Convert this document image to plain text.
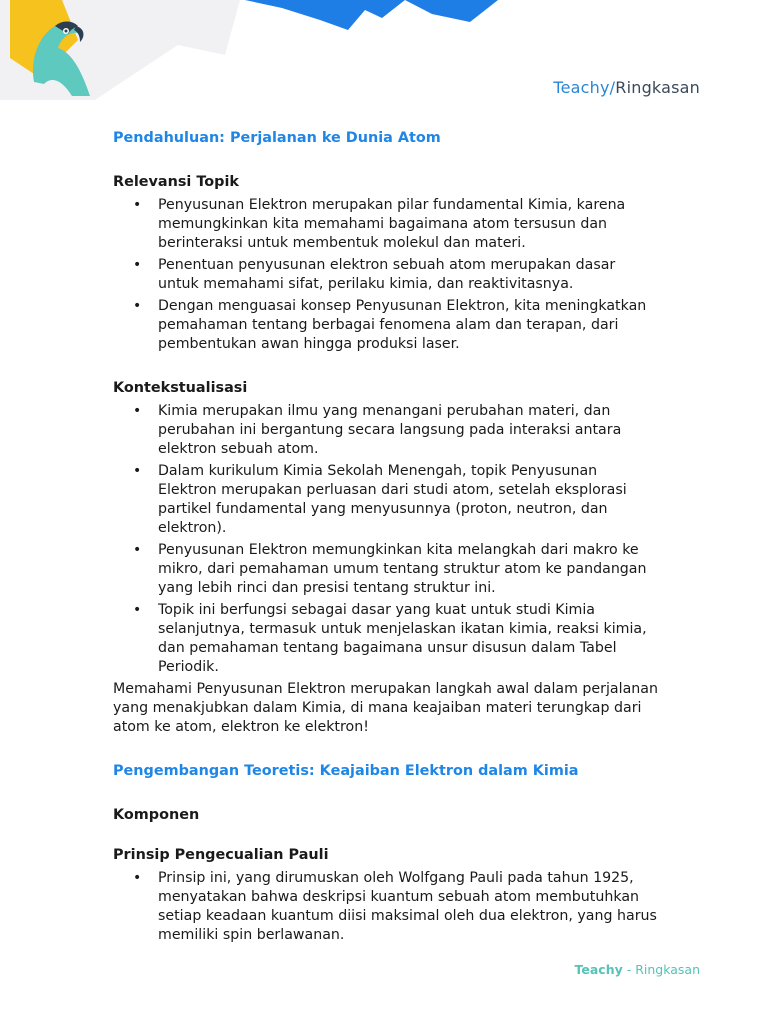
Teachy/Ringkasan
Pendahuluan: Perjalanan ke Dunia Atom
Relevansi Topik
• Penyusunan Elektron merupakan pilar fundamental Kimia, karena memungkinkan kita memahami bagaimana atom tersusun dan berinteraksi untuk membentuk molekul dan materi.
• Penentuan penyusunan elektron sebuah atom merupakan dasar untuk memahami sifat, perilaku kimia, dan reaktivitasnya.
• Dengan menguasai konsep Penyusunan Elektron, kita meningkatkan pemahaman tentang berbagai fenomena alam dan terapan, dari pembentukan awan hingga produksi laser.
Kontekstualisasi
• Kimia merupakan ilmu yang menangani perubahan materi, dan perubahan ini bergantung secara langsung pada interaksi antara elektron sebuah atom.
• Dalam kurikulum Kimia Sekolah Menengah, topik Penyusunan Elektron merupakan perluasan dari studi atom, setelah eksplorasi partikel fundamental yang menyusunnya (proton, neutron, dan elektron).
• Penyusunan Elektron memungkinkan kita melangkah dari makro ke mikro, dari pemahaman umum tentang struktur atom ke pandangan yang lebih rinci dan presisi tentang struktur ini.
• Topik ini berfungsi sebagai dasar yang kuat untuk studi Kimia selanjutnya, termasuk untuk menjelaskan ikatan kimia, reaksi kimia, dan pemahaman tentang bagaimana unsur disusun dalam Tabel Periodik.

Memahami Penyusunan Elektron merupakan langkah awal dalam perjalanan yang menakjubkan dalam Kimia, di mana keajaiban materi terungkap dari atom ke atom, elektron ke elektron!

Pengembangan Teoretis: Keajaiban Elektron dalam Kimia
Komponen
Prinsip Pengecualian Pauli
• Prinsip ini, yang dirumuskan oleh Wolfgang Pauli pada tahun 1925, menyatakan bahwa deskripsi kuantum sebuah atom membutuhkan setiap keadaan kuantum diisi maksimal oleh dua elektron, yang harus memiliki spin berlawanan.
Teachy - Ringkasan
